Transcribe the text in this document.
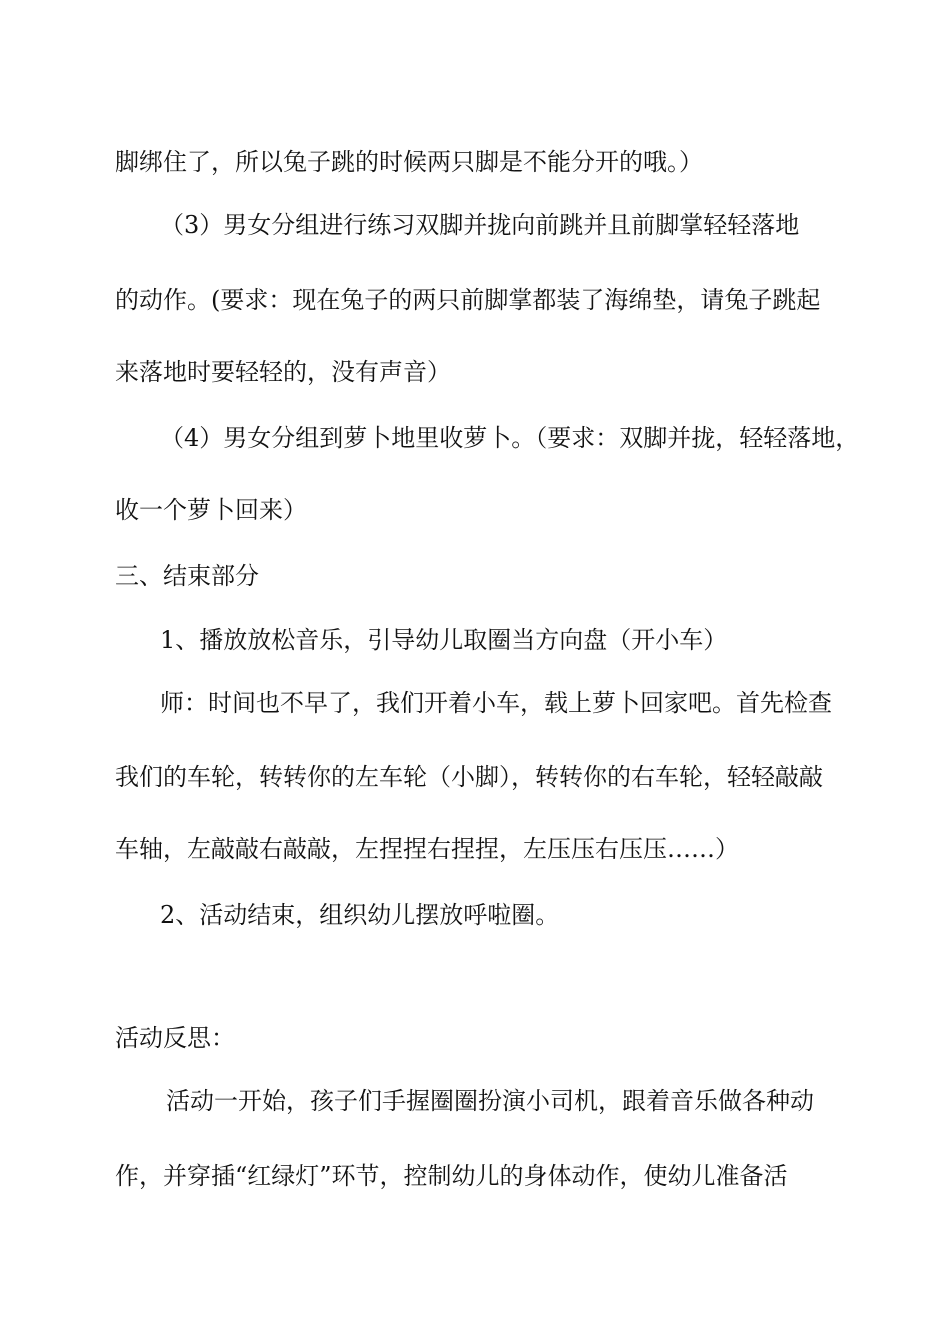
脚绑住了，所以兔子跳的时候两只脚是不能分开的哦。）

（3）男女分组进行练习双脚并拢向前跳并且前脚掌轻轻落地

的动作。(要求：现在兔子的两只前脚掌都装了海绵垫，请兔子跳起

来落地时要轻轻的，没有声音）

（4）男女分组到萝卜地里收萝卜。（要求：双脚并拢，轻轻落地，

收一个萝卜回来）

三、结束部分

1、播放放松音乐，引导幼儿取圈当方向盘（开小车）

师：时间也不早了，我们开着小车，载上萝卜回家吧。首先检查

我们的车轮，转转你的左车轮（小脚），转转你的右车轮，轻轻敲敲

车轴，左敲敲右敲敲，左捏捏右捏捏，左压压右压压……）

2、活动结束，组织幼儿摆放呼啦圈。

活动反思：

活动一开始，孩子们手握圈圈扮演小司机，跟着音乐做各种动

作，并穿插“红绿灯”环节，控制幼儿的身体动作，使幼儿准备活
